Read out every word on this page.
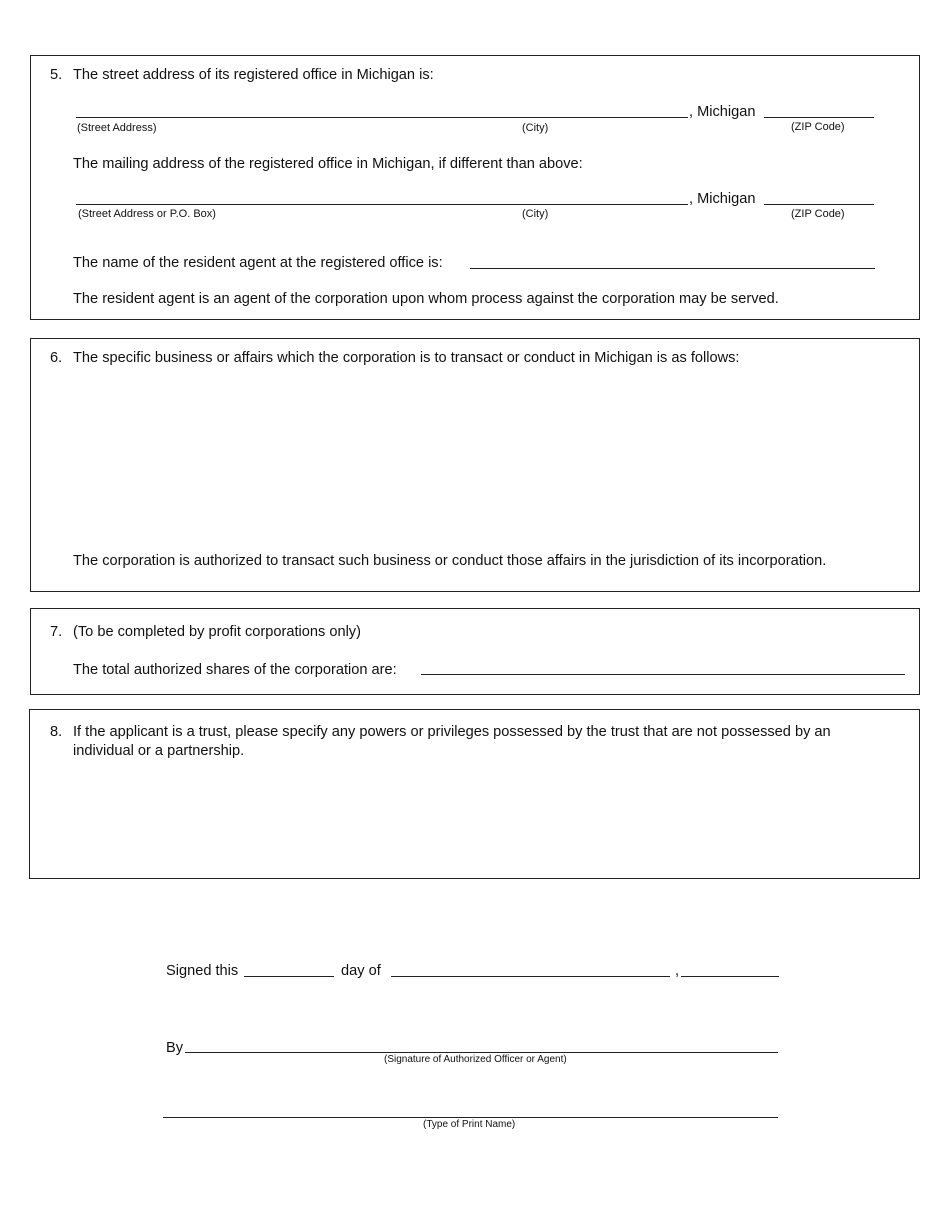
5. The street address of its registered office in Michigan is:
, Michigan
(Street Address)	(City)	(ZIP Code)
The mailing address of the registered office in Michigan, if different than above:
, Michigan
(Street Address or P.O. Box)	(City)	(ZIP Code)
The name of the resident agent at the registered office is:
The resident agent is an agent of the corporation upon whom process against the corporation may be served.
6. The specific business or affairs which the corporation is to transact or conduct in Michigan is as follows:
The corporation is authorized to transact such business or conduct those affairs in the jurisdiction of its incorporation.
7. (To be completed by profit corporations only)
The total authorized shares of the corporation are:
8. If the applicant is a trust, please specify any powers or privileges possessed by the trust that are not possessed by an
individual or a partnership.
Signed this	day of	,
By
(Signature of Authorized Officer or Agent)
(Type of Print Name)
